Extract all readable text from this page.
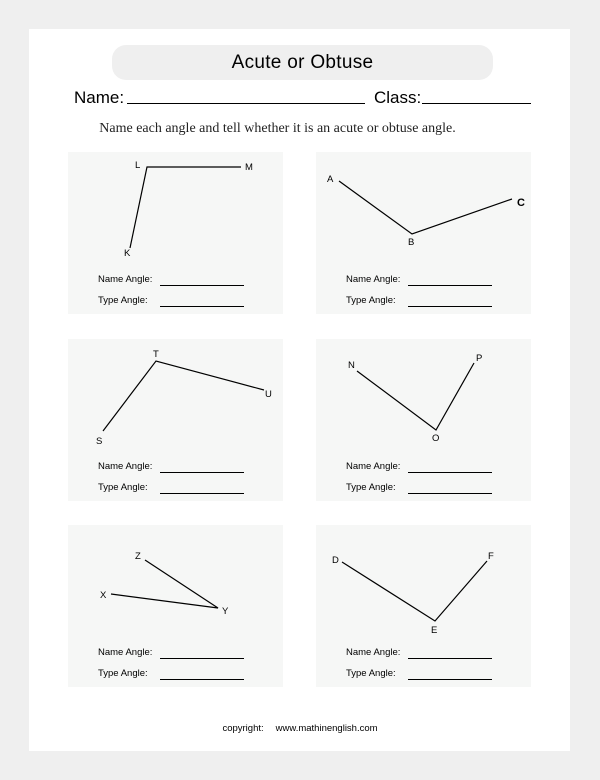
Acute or Obtuse
Name:	Class:
Name each angle and tell whether it is an acute or obtuse angle.
L	M
K
Name Angle:
Type Angle:
A
B
C
Name Angle:
Type Angle:
T
U
S
Name Angle:
Type Angle:
N
P
O
Name Angle:
Type Angle:
Z
X
Y
Name Angle:
Type Angle:
D	F
E
Name Angle:
Type Angle:
copyright: www.mathinenglish.com
